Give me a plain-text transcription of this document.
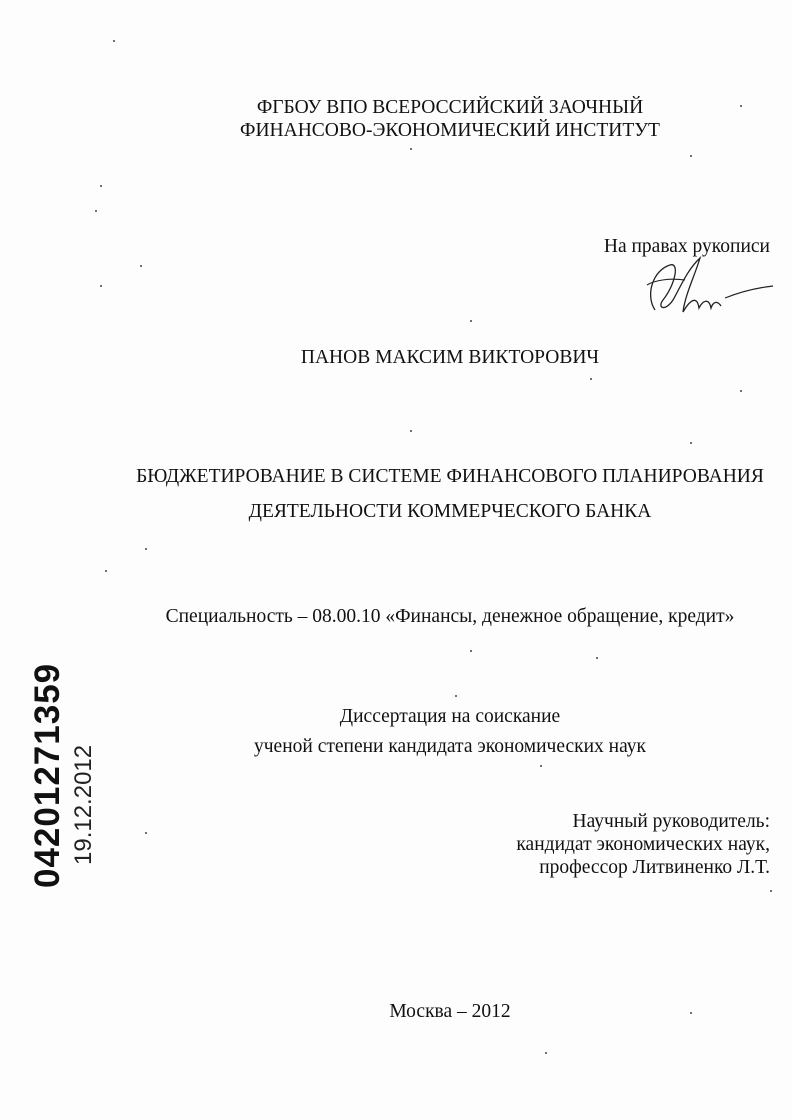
ФГБОУ ВПО ВСЕРОССИЙСКИЙ ЗАОЧНЫЙ
ФИНАНСОВО-ЭКОНОМИЧЕСКИЙ ИНСТИТУТ
На правах рукописи
ПАНОВ МАКСИМ ВИКТОРОВИЧ
БЮДЖЕТИРОВАНИЕ В СИСТЕМЕ ФИНАНСОВОГО ПЛАНИРОВАНИЯ
ДЕЯТЕЛЬНОСТИ КОММЕРЧЕСКОГО БАНКА
Специальность – 08.00.10 «Финансы, денежное обращение, кредит»
Диссертация на соискание
ученой степени кандидата экономических наук
Научный руководитель:
кандидат экономических наук,
профессор Литвиненко Л.Т.
Москва – 2012
04201271359 19.12.2012
